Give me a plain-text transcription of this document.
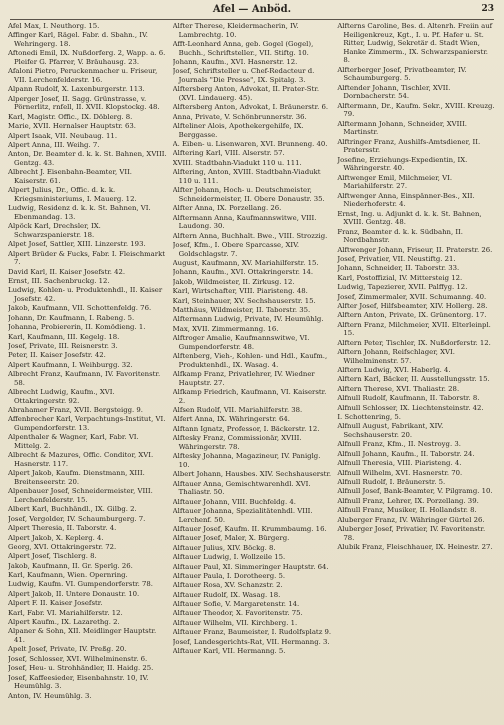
Afel — Anböd.	23
Afel Max, I. Neuthorg. 15.
Affinger Karl, Rägel. Fabr. d. Sbahn., IV. Wehringerg. 18.
Aftonedi Emil, IX. Nußdorferg. 2, Wapp. a. 6. Pleifer G. Pfarrer, V. Bräuhausg. 23.
Afaloni Pietro, Peruckenmacher u. Friseur, VII. Lerchenfelderstr. 16.
Alpann Rudolf, X. Laxenburgerstr. 113.
Alperger Josef, II. Sagg. Grünstrasse, v. Pörnerlitz, rnfell, II. XVII. Klopstockg. 48.
Karl, Magistr. Offic., IX. Döblerg. 8.
Marie, XVII. Hernalser Hauptstr. 63.
Alpert Isaak, VII. Neubaug. 11.
Alpert Anna, III. Weihg. 7.
Anton, Dr. Beamter d. k. k. St. Bahnen, XVIII. Gentzg. 43.
Albrecht J. Eisenbahn-Beamter, VII. Kaiserstr. 61.
Alpert Julius, Dr., Offic. d. k. k. Kriegsministeriums, I. Mauerg. 12.
Ludwig, Residenz d. k. k. St. Bahnen, VI. Ebenmandag. 13.
Alpöck Karl, Drechsler, IX. Schwarzspanierstr. 18.
Alpet Josef, Sattler, XIII. Linzerstr. 193.
Alpert Brüder & Fucks, Fabr. I. Fleischmarkt 7.
David Karl, II. Kaiser Josefstr. 42.
Ernst, III. Sachenbruckg. 12.
Ludwig, Kohlen- u. Produktenhdl., II. Kaiser Josefstr. 42.
Jakob, Kaufmann, VII. Schottenfeldg. 76.
Johann, Dr. Kaufmann, I. Rabeng. 5.
Johanna, Probiererin, II. Komödieng. 1.
Karl, Kaufmann, III. Kegelg. 18.
Josef, Private, III. Reisnerstr. 3.
Peter, II. Kaiser Josefstr. 42.
Alpert Kaufmann, I. Weihburgg. 32.
Albrecht Franz, Kaufmann, IV. Favoritenstr. 58.
Albrecht Ludwig, Kaufm., XVI. Ottakringerstr. 92.
Abrahamer Franz, XVII. Bergsteigg. 9.
Affenbrecher Karl, Verpachtungs-Institut, VI. Gumpendorferstr. 13.
Alpenthaler & Wagner, Karl, Fabr. VI. Mittelg. 2.
Albrecht & Mazures, Offic. Conditor, XVI. Hasnerstr. 117.
Alpert Jakob, Kaufm. Dienstmann, XIII. Breitenseerstr. 20.
Alpenbauer Josef, Schneidermeister, VIII. Lerchenfelderstr. 15.
Albert Karl, Buchhändl., IX. Gilbg. 2.
Josef, Vergolder, IV. Schaumburgerg. 7.
Alpert Theresia, II. Taborstr. 4.
Alpert Jakob, X. Keplerg. 4.
Georg, XVI. Ottakringerstr. 72.
Alpert Josef, Tischlerg. 8.
Jakob, Kaufmann, II. Gr. Sperlg. 26.
Karl, Kaufmann, Wien. Opernring.
Ludwig, Kaufm. VI. Gumpendorferstr. 78.
Alpert Jakob, II. Untere Donaustr. 10.
Alpert F. II. Kaiser Josefstr.
Karl, Fabr. VI. Mariahilferstr. 12.
Alpert Kaufm., IX. Lazarethg. 2.
Alpaner & Sohn, XII. Meidlinger Hauptstr. 41.
Apelt Josef, Private, IV. Preßg. 20.
Josef, Schlosser, XVI. Wilhelminenstr. 6.
Josef, Heu- u. Strohhändler, II. Haidg. 25.
Josef, Kaffeesieder, Eisenbahnstr. 10, IV. Heumühlg. 3.
Anton, IV. Heumühlg. 3.
Alfter Therese, Kleidermacherin, IV. Lambrechtg. 10.
Afft-Leonhard Anna, geb. Gogel (Gogel), Buchh., Schriftsteller., VII. Stiftg. 10.
Johann, Kaufm., XVI. Hasnerstr. 12.
Josef, Schriftsteller u. Chef-Redacteur d. Journals "Die Presse", IX. Spitalg. 3.
Alftersberg Anton, Advokat, II. Prater-Str. (XVI. Lindauerg. 45).
Alftersberg Anton, Advokat, I. Bräunerstr. 6.
Anna, Private, V. Schönbrunnerstr. 36.
Alfteliner Alois, Apothekergehilfe, IX. Berggasse.
A. Eiben- u. Lisenwaren, XVI. Brunneng. 40.
Alftering Karl, VIII. Alserstr. 57.
XVIII. Stadtbahn-Viadukt 110 u. 111.
Alftering, Anton, XVIII. Stadtbahn-Viadukt 110 u. 111.
Alfter Johann, Hoch- u. Deutschmeister, Schneidermeister, II. Obere Donaustr. 35.
Alfter Anna, IX. Porzellang. 26.
Alftermann Anna, Kaufmannswitwe, VIII. Laudong. 30.
Alftern Anna, Buchhalt. Bwe., VIII. Strozzig.
Josef, Kfm., I. Obere Sparcasse, XIV. Goldschlagstr. 7.
August, Kaufmann, XV. Mariahilferstr. 15.
Johann, Kaufm., XVI. Ottakringerstr. 14.
Jakob, Wildmeister, II. Zirkusg. 12.
Karl, Wirtschafter, VIII. Piaristeng. 48.
Karl, Steinhauer, XV. Sechshauserstr. 15.
Matthäus, Wildmeister, II. Taborstr. 35.
Alftermann Ludwig, Private, IV. Heumühlg.
Max, XVII. Zimmermanng. 16.
Alftroger Amalie, Kaufmannswitwe, VI. Gumpendorferstr. 48.
Alftenberg, Vieh-, Kohlen- und Hdl., Kaufm., Produktenhdl., IX. Wasag. 4.
Alfkamp Franz, Privatlehrer, IV. Wiedner Hauptstr. 27.
Alfkamp Friedrich, Kaufmann, VI. Kaiserstr. 2.
Alfsen Rudolf, VII. Mariahilferstr. 38.
Alfert Anna, IX. Währingerstr. 64.
Alftann Ignatz, Professor, I. Bäckerstr. 12.
Alftesky Franz, Commissionär, XVIII. Währingerstr. 78.
Alftesky Johanna, Magazineur, IV. Paniglg. 10.
Albert Johann, Hausbes. XIV. Sechshauserstr.
Alftauer Anna, Gemischtwarenhdl. XVI. Thaliastr. 50.
Alftauer Johann, VIII. Buchfeldg. 4.
Alftauer Johanna, Spezialitätenhdl. VIII. Lerchenf. 50.
Alftauer Josef, Kaufm. II. Krummbaumg. 16.
Alftauer Josef, Maler, X. Bürgerg.
Alftauer Julius, XIV. Böckg. 8.
Alftauer Ludwig, I. Wollzeile 15.
Alftauer Paul, XI. Simmeringer Hauptstr. 64.
Alftauer Paula, I. Dorotheerg. 5.
Alftauer Rosa, XV. Schanzstr. 2.
Alftauer Rudolf, IX. Wasag. 18.
Alftauer Sofie, V. Margaretenstr. 14.
Alftauer Theodor, X. Favoritenstr. 75.
Alftauer Wilhelm, VII. Kirchberg. 1.
Alftauer Franz, Baumeister, I. Rudolfsplatz 9.
Josef, Landesgerichts-Rat, VII. Hermanng. 3.
Alftauer Karl, VII. Hermanng. 5.
Alfterns Caroline, Bes. d. Altenrh. Freiin auf Heiligenkreuz, Kgt., I. u. Pf. Hafer u. St. Ritter, Ludwig, Sekretär d. Stadt Wien, Hanke Zimmerm., IX. Schwarzspanierstr. 8.
Alfterberger Josef, Privatbeamter, IV. Schaumburgerg. 5.
Alftender Johann, Tischler, XVII. Dornbacherstr. 54.
Alftermann, Dr., Kaufm. Sekr., XVIII. Kreuzg. 79.
Alftermann Johann, Schneider, XVIII. Martinstr.
Alftringer Franz, Aushilfs-Amtsdiener, II. Pratersstr.
Josefine, Erziehungs-Expedientin, IX. Währingerstr. 40.
Alftwenger Emil, Milchmeier, VI. Mariahilferstr. 27.
Alftwenger Anna, Einspänner-Bes., XII. Niederhoferstr. 4.
Ernst, Ing. u. Adjunkt d. k. k. St. Bahnen, XVIII. Gentzg. 48.
Franz, Beamter d. k. k. Südbahn, II. Nordbahnstr.
Alftwenger Johann, Friseur, II. Praterstr. 26.
Josef, Privatier, VII. Neustiftg. 21.
Johann, Schneider, II. Taborstr. 33.
Karl, Postoffizial, IV. Mittersteig 12.
Ludwig, Tapezierer, XVII. Palffyg. 12.
Josef, Zimmermaler, XVII. Schumanng. 40.
Alfter Josef, Hilfsbeamter, XIV. Hollerg. 28.
Alftern Anton, Private, IX. Grünentorg. 17.
Alftern Franz, Milchmeier, XVII. Elterleinpl. 15.
Alftern Peter, Tischler, IX. Nußdorferstr. 12.
Alftern Johann, Reifschlager, XVI. Wilhelminenstr. 57.
Alftern Ludwig, XVI. Haberlg. 4.
Alftern Karl, Bäcker, II. Ausstellungsstr. 15.
Alftern Therese, XVI. Thaliastr. 28.
Alfnull Rudolf, Kaufmann, II. Taborstr. 8.
Alfnull Schlosser, IX. Liechtensteinstr. 42.
I. Schottenring, 5.
Alfnull August, Fabrikant, XIV. Sechshauserstr. 20.
Alfnull Franz, Kfm., II. Nestroyg. 3.
Alfnull Johann, Kaufm., II. Taborstr. 24.
Alfnull Theresia, VIII. Piaristeng. 4.
Alfnull Wilhelm, XVI. Hasnerstr. 70.
Alfnull Rudolf, I. Bräunerstr. 5.
Alfnull Josef, Bank-Beamter, V. Pilgramg. 10.
Alfnull Franz, Lehrer, IX. Porzellang. 39.
Alfnull Franz, Musiker, II. Hollandstr. 8.
Aluberger Franz, IV. Währinger Gürtel 26.
Aluberger Josef, Privatier, IV. Favoritenstr. 78.
Alubik Franz, Fleischhauer, IX. Heinestr. 27.
